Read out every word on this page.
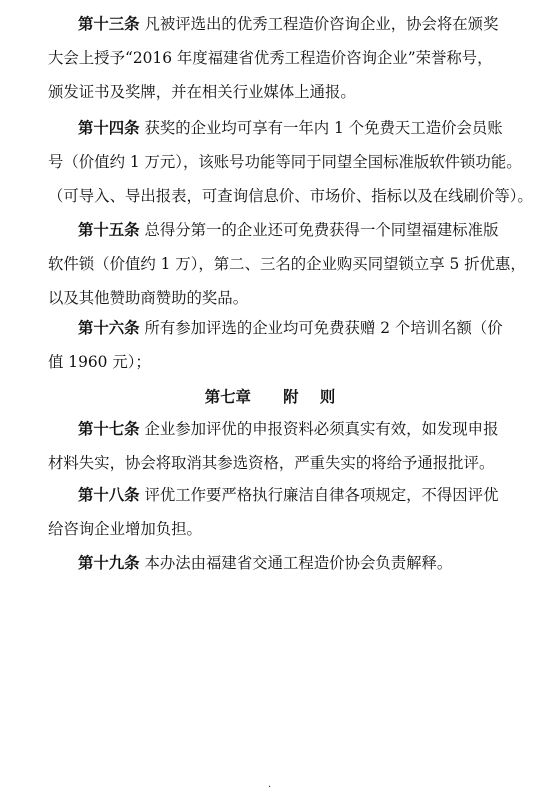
第十三条 凡被评选出的优秀工程造价咨询企业，协会将在颁奖
大会上授予“2016 年度福建省优秀工程造价咨询企业”荣誉称号，
颁发证书及奖牌，并在相关行业媒体上通报。
第十四条 获奖的企业均可享有一年内 1 个免费天工造价会员账
号（价值约 1 万元），该账号功能等同于同望全国标准版软件锁功能。
（可导入、导出报表，可查询信息价、市场价、指标以及在线刷价等）。
第十五条 总得分第一的企业还可免费获得一个同望福建标准版
软件锁（价值约 1 万），第二、三名的企业购买同望锁立享 5 折优惠，
以及其他赞助商赞助的奖品。
第十六条 所有参加评选的企业均可免费获赠 2 个培训名额（价
值 1960 元）；
第七章 附    则
第十七条 企业参加评优的申报资料必须真实有效，如发现申报
材料失实，协会将取消其参选资格，严重失实的将给予通报批评。
第十八条 评优工作要严格执行廉洁自律各项规定，不得因评优
给咨询企业增加负担。
第十九条 本办法由福建省交通工程造价协会负责解释。
·
